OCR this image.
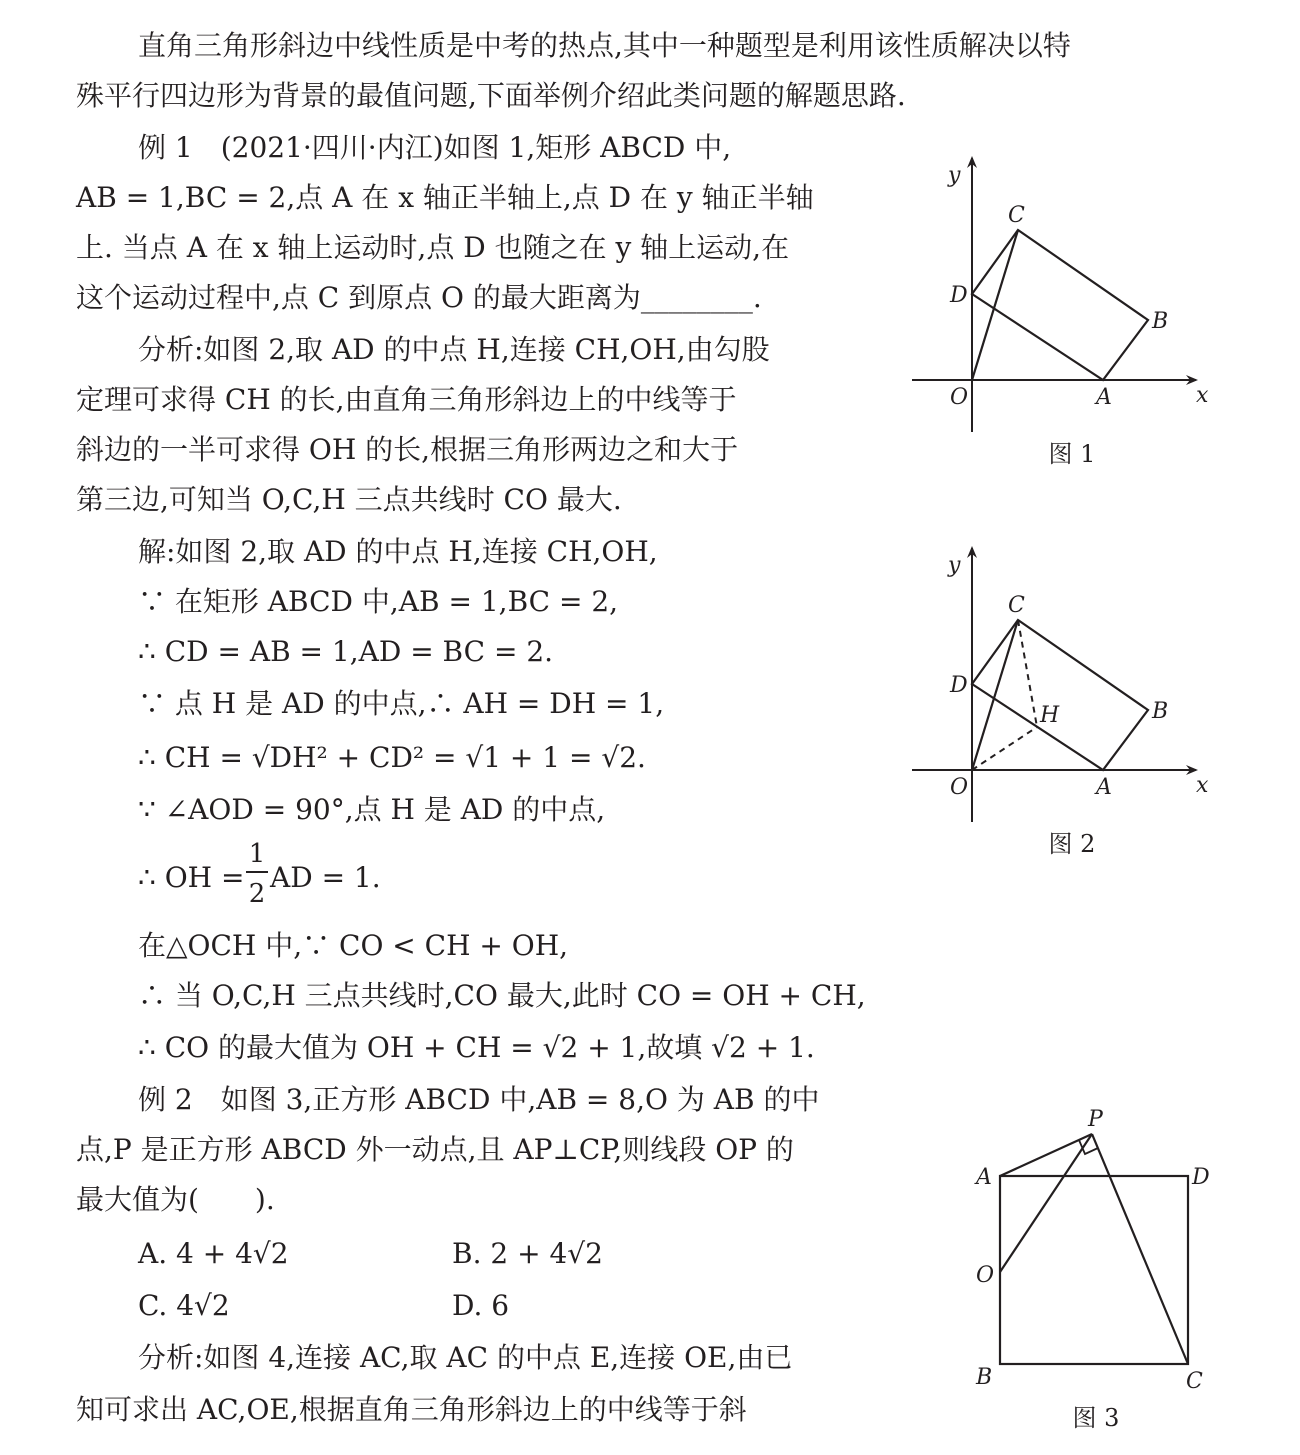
直角三角形斜边中线性质是中考的热点,其中一种题型是利用该性质解决以特
殊平行四边形为背景的最值问题,下面举例介绍此类问题的解题思路.
例 1　(2021·四川·内江)如图 1,矩形 ABCD 中,
AB = 1,BC = 2,点 A 在 x 轴正半轴上,点 D 在 y 轴正半轴
上. 当点 A 在 x 轴上运动时,点 D 也随之在 y 轴上运动,在
这个运动过程中,点 C 到原点 O 的最大距离为________.
分析:如图 2,取 AD 的中点 H,连接 CH,OH,由勾股
定理可求得 CH 的长,由直角三角形斜边上的中线等于
斜边的一半可求得 OH 的长,根据三角形两边之和大于
第三边,可知当 O,C,H 三点共线时 CO 最大.
解:如图 2,取 AD 的中点 H,连接 CH,OH,
∵ 在矩形 ABCD 中,AB = 1,BC = 2,
∴ CD = AB = 1,AD = BC = 2.
∵ 点 H 是 AD 的中点,∴ AH = DH = 1,
∴ CH = √DH² + CD² = √1 + 1 = √2.
∵ ∠AOD = 90°,点 H 是 AD 的中点,
∴ OH =
1
2 AD = 1.
在△OCH 中,∵ CO < CH + OH,
∴ 当 O,C,H 三点共线时,CO 最大,此时 CO = OH + CH,
∴ CO 的最大值为 OH + CH = √2 + 1,故填 √2 + 1.
例 2　如图 3,正方形 ABCD 中,AB = 8,O 为 AB 的中
点,P 是正方形 ABCD 外一动点,且 AP⊥CP,则线段 OP 的
最大值为(　　).
A. 4 + 4√2	B. 2 + 4√2
C. 4√2	D. 6
分析:如图 4,连接 AC,取 AC 的中点 E,连接 OE,由已
知可求出 AC,OE,根据直角三角形斜边上的中线等于斜
y
x
C
D
B
O	A
图 1
y
x
C
D
B
H
O	A
图 2
P
A	D
O
B	C
图 3
